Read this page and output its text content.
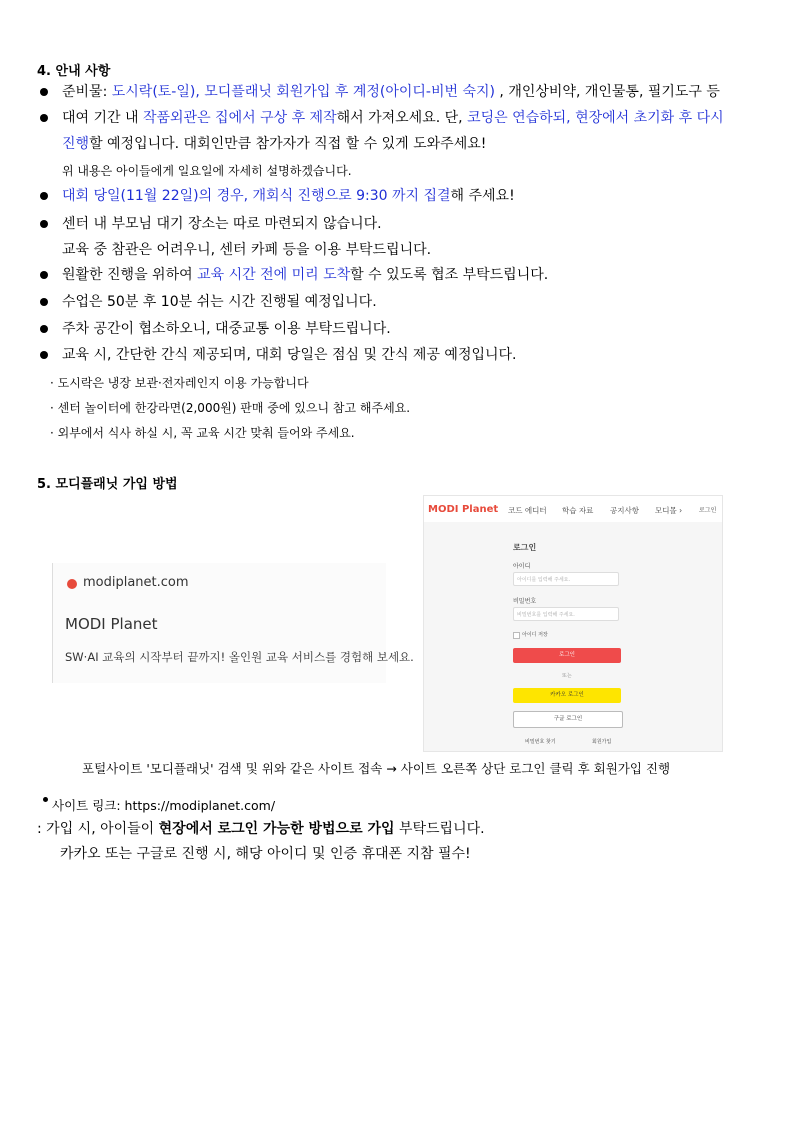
4. 안내 사항
준비물: 도시락(토-일), 모디플래닛 회원가입 후 계정(아이디-비번 숙지) , 개인상비약, 개인물통, 필기도구 등
대여 기간 내 작품외관은 집에서 구상 후 제작해서 가져오세요. 단, 코딩은 연습하되, 현장에서 초기화 후 다시
진행할 예정입니다. 대회인만큼 참가자가 직접 할 수 있게 도와주세요!
위 내용은 아이들에게 일요일에 자세히 설명하겠습니다.
대회 당일(11월 22일)의 경우, 개회식 진행으로 9:30 까지 집결해 주세요!
센터 내 부모님 대기 장소는 따로 마련되지 않습니다.
교육 중 참관은 어려우니, 센터 카페 등을 이용 부탁드립니다.
원활한 진행을 위하여 교육 시간 전에 미리 도착할 수 있도록 협조 부탁드립니다.
수업은 50분 후 10분 쉬는 시간 진행될 예정입니다.
주차 공간이 협소하오니, 대중교통 이용 부탁드립니다.
교육 시, 간단한 간식 제공되며, 대회 당일은 점심 및 간식 제공 예정입니다.
· 도시락은 냉장 보관·전자레인지 이용 가능합니다
· 센터 놀이터에 한강라면(2,000원) 판매 중에 있으니 참고 해주세요.
· 외부에서 식사 하실 시, 꼭 교육 시간 맞춰 들어와 주세요.
5. 모디플래닛 가입 방법
modiplanet.com
MODI Planet
SW·AI 교육의 시작부터 끝까지! 올인원 교육 서비스를 경험해 보세요.
MODI Planet 코드 에디터 학습 자료 공지사항 모디몰 ›	로그인
로그인
아이디
아이디를 입력해 주세요.
비밀번호
비밀번호를 입력해 주세요.
아이디 저장
로그인
또는
카카오 로그인
구글 로그인
비밀번호 찾기	회원가입
포털사이트 '모디플래닛' 검색 및 위와 같은 사이트 접속 → 사이트 오른쪽 상단 로그인 클릭 후 회원가입 진행
사이트 링크: https://modiplanet.com/
: 가입 시, 아이들이 현장에서 로그인 가능한 방법으로 가입 부탁드립니다.
카카오 또는 구글로 진행 시, 해당 아이디 및 인증 휴대폰 지참 필수!
